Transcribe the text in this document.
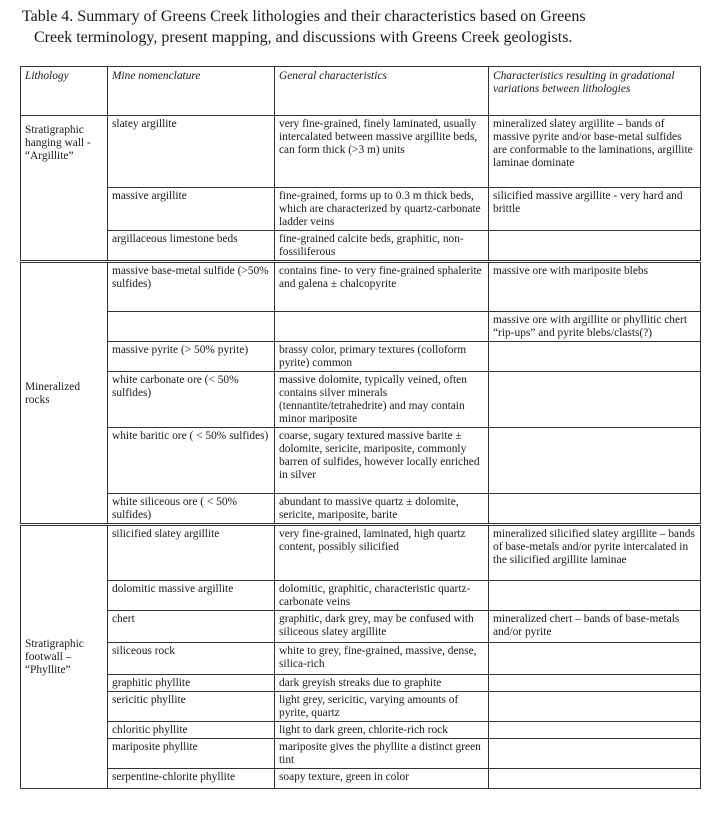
Table 4. Summary of Greens Creek lithologies and their characteristics based on Greens
Creek terminology, present mapping, and discussions with Greens Creek geologists.
Lithology	Mine nomenclature	General characteristics	Characteristics resulting in gradational variations between lithologies
Stratigraphic hanging wall - “Argillite”	slatey argillite	very fine-grained, finely laminated, usually intercalated between massive argillite beds, can form thick (>3 m) units	mineralized slatey argillite – bands of massive pyrite and/or base-metal sulfides are conformable to the laminations, argillite laminae dominate
	massive argillite	fine-grained, forms up to 0.3 m thick beds, which are characterized by quartz-carbonate ladder veins	silicified massive argillite - very hard and brittle
	argillaceous limestone beds	fine-grained calcite beds, graphitic, non-fossiliferous	
Mineralized rocks	massive base-metal sulfide (>50% sulfides)	contains fine- to very fine-grained sphalerite and galena ± chalcopyrite	massive ore with mariposite blebs
			massive ore with argillite or phyllitic chert “rip-ups” and pyrite blebs/clasts(?)
	massive pyrite (> 50% pyrite)	brassy color, primary textures (colloform pyrite) common	
	white carbonate ore (< 50% sulfides)	massive dolomite, typically veined, often contains silver minerals (tennantite/tetrahedrite) and may contain minor mariposite	
	white baritic ore ( < 50% sulfides)	coarse, sugary textured massive barite ± dolomite, sericite, mariposite, commonly barren of sulfides, however locally enriched in silver	
	white siliceous ore ( < 50% sulfides)	abundant to massive quartz ± dolomite, sericite, mariposite, barite	
Stratigraphic footwall – “Phyllite”	silicified slatey argillite	very fine-grained, laminated, high quartz content, possibly silicified	mineralized silicified slatey argillite – bands of base-metals and/or pyrite intercalated in the silicified argillite laminae
	dolomitic massive argillite	dolomitic, graphitic, characteristic quartz-carbonate veins	
	chert	graphitic, dark grey, may be confused with siliceous slatey argillite	mineralized chert – bands of base-metals and/or pyrite
	siliceous rock	white to grey, fine-grained, massive, dense, silica-rich	
	graphitic phyllite	dark greyish streaks due to graphite	
	sericitic phyllite	light grey, sericitic, varying amounts of pyrite, quartz	
	chloritic phyllite	light to dark green, chlorite-rich rock	
	mariposite phyllite	mariposite gives the phyllite a distinct green tint	
	serpentine-chlorite phyllite	soapy texture, green in color	
